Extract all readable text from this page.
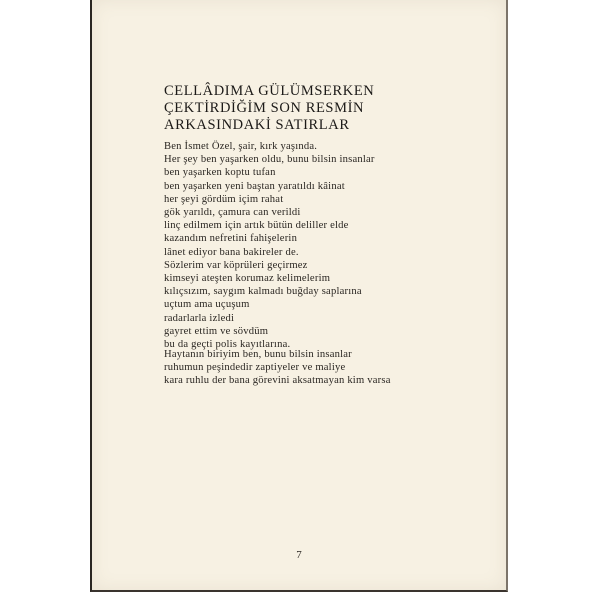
CELLÂDIMA GÜLÜMSERKEN
ÇEKTİRDİĞİM SON RESMİN
ARKASINDAKİ SATIRLAR
Ben İsmet Özel, şair, kırk yaşında.
Her şey ben yaşarken oldu, bunu bilsin insanlar
ben yaşarken koptu tufan
ben yaşarken yeni baştan yaratıldı kâinat
her şeyi gördüm içim rahat
gök yarıldı, çamura can verildi
linç edilmem için artık bütün deliller elde
kazandım nefretini fahişelerin
lânet ediyor bana bakireler de.
Sözlerim var köprüleri geçirmez
kimseyi ateşten korumaz kelimelerim
kılıçsızım, saygım kalmadı buğday saplarına
uçtum ama uçuşum
radarlarla izledi
gayret ettim ve sövdüm
bu da geçti polis kayıtlarına.
Haytanın biriyim ben, bunu bilsin insanlar
ruhumun peşindedir zaptiyeler ve maliye
kara ruhlu der bana görevini aksatmayan kim varsa
7
